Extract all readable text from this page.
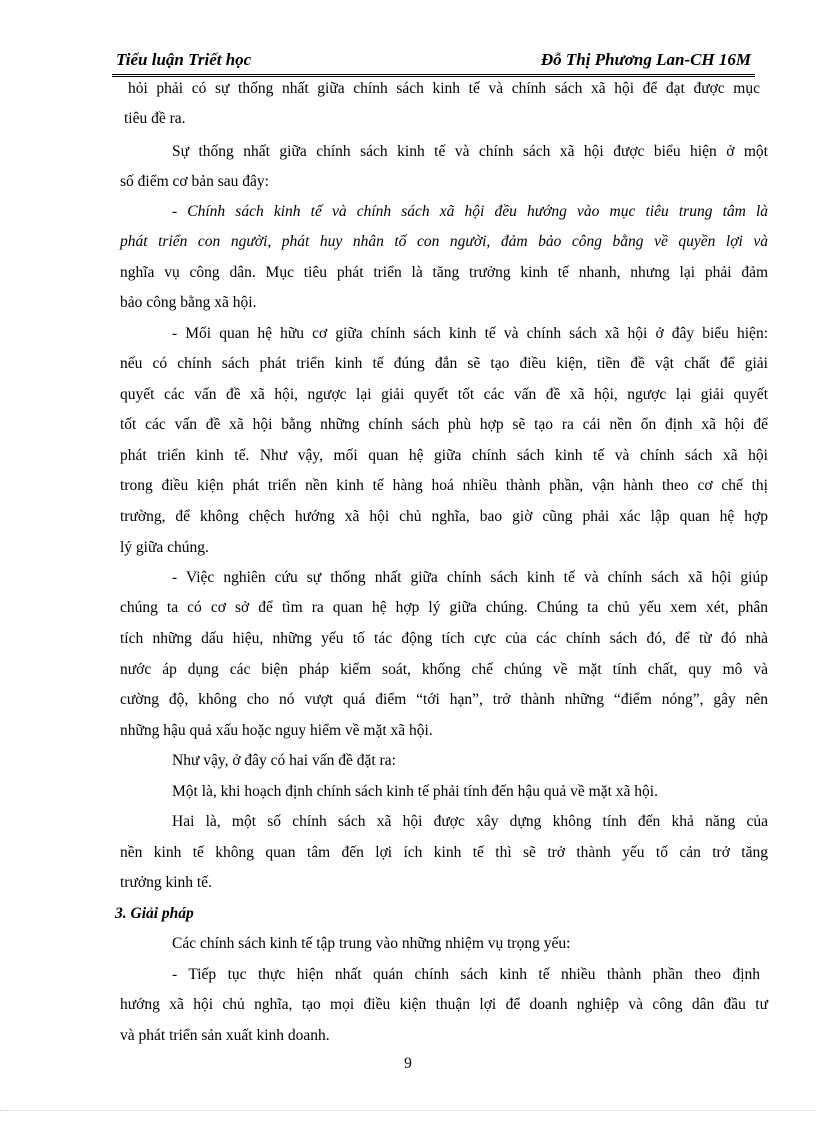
Tiểu luận Triết học	Đỗ Thị Phương Lan-CH 16M
hỏi phải có sự thống nhất giữa chính sách kinh tế và chính sách xã hội để đạt được mục
tiêu đề ra.
Sự thống nhất giữa chính sách kinh tế và chính sách xã hội được biểu hiện ở một
số điểm cơ bản sau đây:
- Chính sách kinh tế và chính sách xã hội đều hướng vào mục tiêu trung tâm là
phát triển con người, phát huy nhân tố con người, đảm bảo công bằng về quyền lợi và
nghĩa vụ công dân. Mục tiêu phát triển là tăng trưởng kinh tế nhanh, nhưng lại phải đảm
bảo công bằng xã hội.
- Mối quan hệ hữu cơ giữa chính sách kinh tế và chính sách xã hội ở đây biểu hiện:
nếu có chính sách phát triển kinh tế đúng đắn sẽ tạo điều kiện, tiền đề vật chất để giải
quyết các vấn đề xã hội, ngược lại giải quyết tốt các vấn đề xã hội, ngược lại giải quyết
tốt các vấn đề xã hội bằng những chính sách phù hợp sẽ tạo ra cái nền ổn định xã hội để
phát triển kinh tế. Như vậy, mối quan hệ giữa chính sách kinh tế và chính sách xã hội
trong điều kiện phát triển nền kinh tế hàng hoá nhiều thành phần, vận hành theo cơ chế thị
trường, để không chệch hướng xã hội chủ nghĩa, bao giờ cũng phải xác lập quan hệ hợp
lý giữa chúng.
- Việc nghiên cứu sự thống nhất giữa chính sách kinh tế và chính sách xã hội giúp
chúng ta có cơ sở để tìm ra quan hệ hợp lý giữa chúng. Chúng ta chủ yếu xem xét, phân
tích những dấu hiệu, những yếu tố tác động tích cực của các chính sách đó, để từ đó nhà
nước áp dụng các biện pháp kiểm soát, khống chế chúng về mặt tính chất, quy mô và
cường độ, không cho nó vượt quá điểm “tới hạn”, trở thành những “điểm nóng”, gây nên
những hậu quả xấu hoặc nguy hiểm về mặt xã hội.
Như vậy, ở đây có hai vấn đề đặt ra:
Một là, khi hoạch định chính sách kinh tế phải tính đến hậu quả về mặt xã hội.
Hai là, một số chính sách xã hội được xây dựng không tính đến khả năng của
nền kinh tế không quan tâm đến lợi ích kinh tế thì sẽ trở thành yếu tố cản trở tăng
trưởng kinh tế.
3. Giải pháp
Các chính sách kinh tế tập trung vào những nhiệm vụ trọng yếu:
- Tiếp tục thực hiện nhất quán chính sách kinh tế nhiều thành phần theo định
hướng xã hội chủ nghĩa, tạo mọi điều kiện thuận lợi để doanh nghiệp và công dân đầu tư
và phát triển sản xuất kinh doanh.
9
